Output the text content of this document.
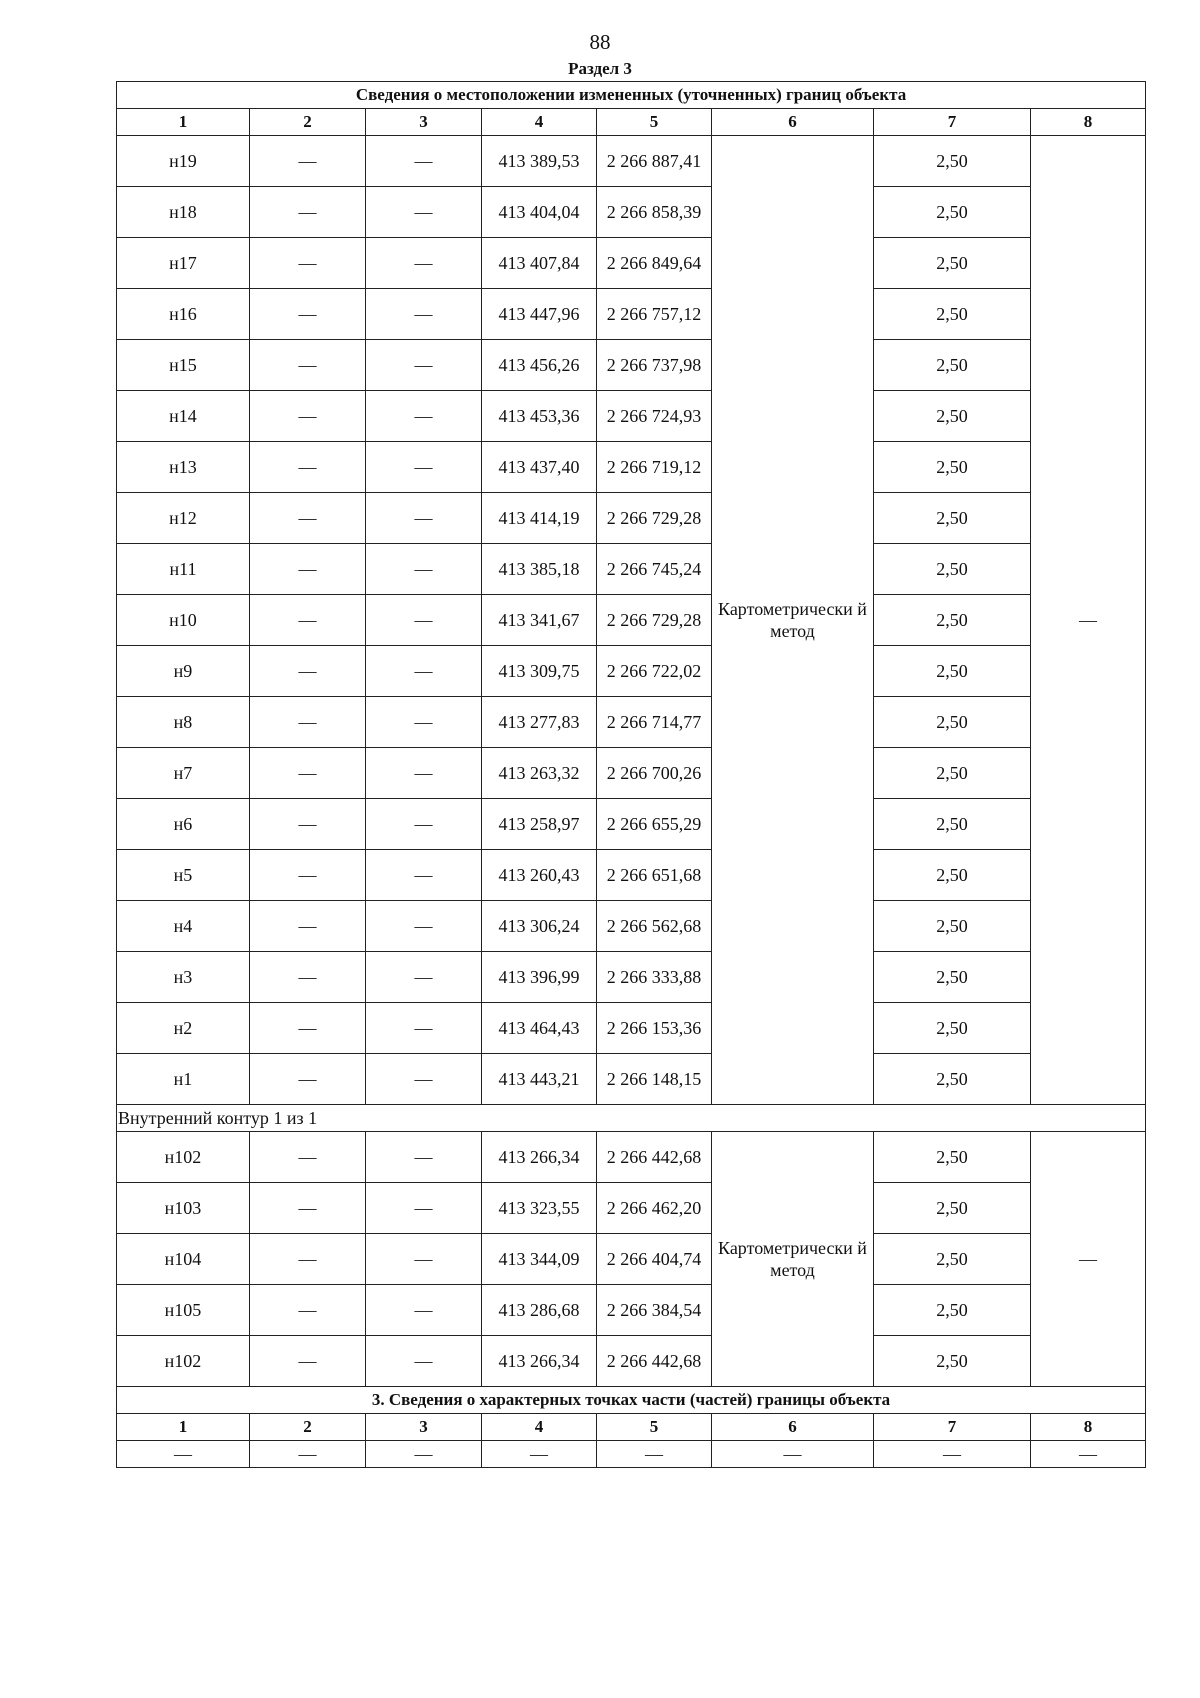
88
Раздел 3
Сведения о местоположении измененных (уточненных) границ объекта							
1	2	3	4	5	6	7	8
н19	—	—	413 389,53	2 266 887,41	Картометрически й метод	2,50	—
н18	—	—	413 404,04	2 266 858,39		2,50	
н17	—	—	413 407,84	2 266 849,64		2,50	
н16	—	—	413 447,96	2 266 757,12		2,50	
н15	—	—	413 456,26	2 266 737,98		2,50	
н14	—	—	413 453,36	2 266 724,93		2,50	
н13	—	—	413 437,40	2 266 719,12		2,50	
н12	—	—	413 414,19	2 266 729,28		2,50	
н11	—	—	413 385,18	2 266 745,24		2,50	
н10	—	—	413 341,67	2 266 729,28		2,50	
н9	—	—	413 309,75	2 266 722,02		2,50	
н8	—	—	413 277,83	2 266 714,77		2,50	
н7	—	—	413 263,32	2 266 700,26		2,50	
н6	—	—	413 258,97	2 266 655,29		2,50	
н5	—	—	413 260,43	2 266 651,68		2,50	
н4	—	—	413 306,24	2 266 562,68		2,50	
н3	—	—	413 396,99	2 266 333,88		2,50	
н2	—	—	413 464,43	2 266 153,36		2,50	
н1	—	—	413 443,21	2 266 148,15		2,50	
Внутренний контур 1 из 1							
н102	—	—	413 266,34	2 266 442,68	Картометрически й метод	2,50	—
н103	—	—	413 323,55	2 266 462,20		2,50	
н104	—	—	413 344,09	2 266 404,74		2,50	
н105	—	—	413 286,68	2 266 384,54		2,50	
н102	—	—	413 266,34	2 266 442,68		2,50	
3. Сведения о характерных точках части (частей) границы объекта							
1	2	3	4	5	6	7	8
—	—	—	—	—	—	—	—
